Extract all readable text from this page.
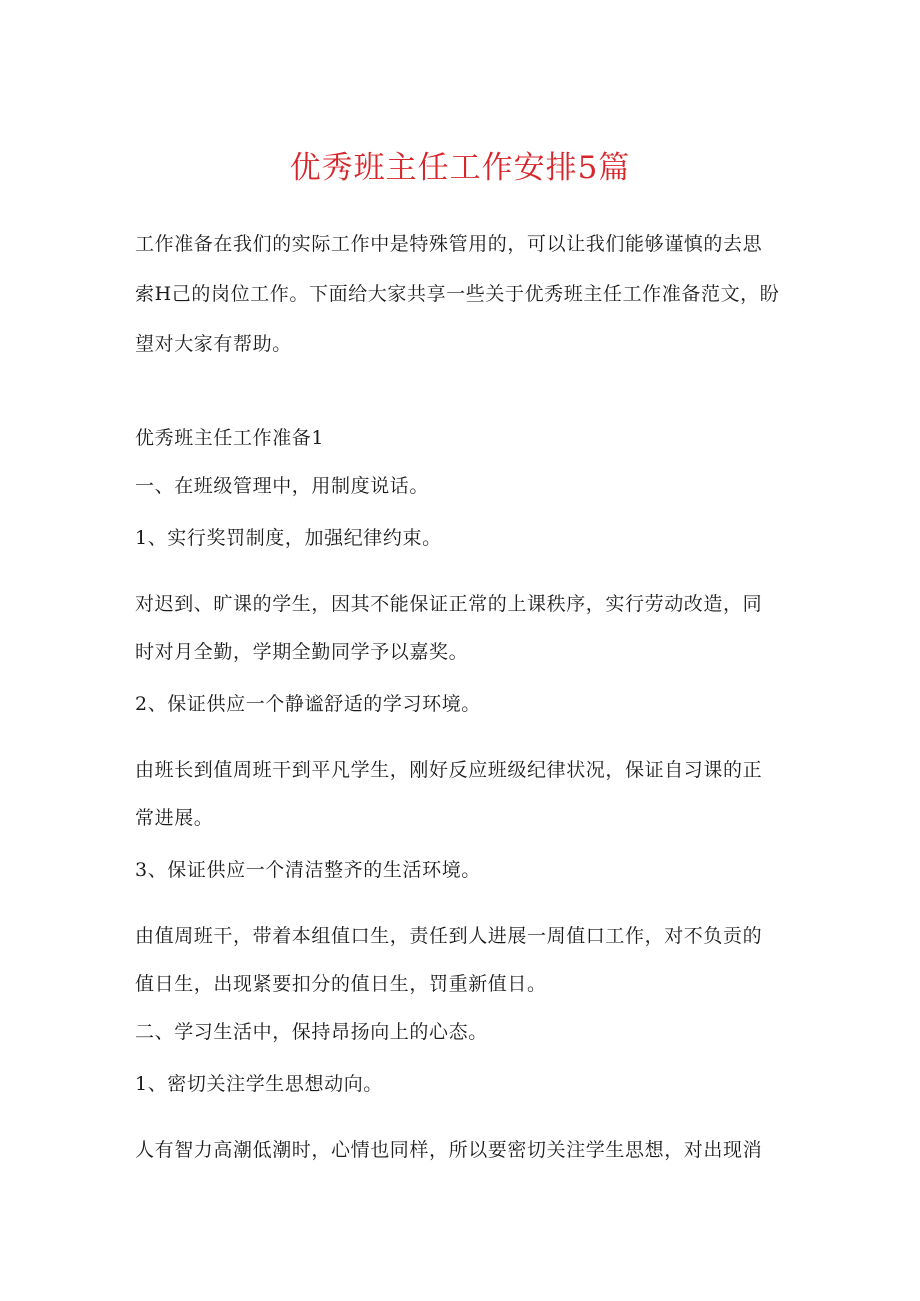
优秀班主任工作安排5篇
工作准备在我们的实际工作中是特殊管用的，可以让我们能够谨慎的去思
索H己的岗位工作。下面给大家共享一些关于优秀班主任工作准备范文，盼
望对大家有帮助。
优秀班主任工作准备1
一、在班级管理中，用制度说话。
1、实行奖罚制度，加强纪律约束。
对迟到、旷课的学生，因其不能保证正常的上课秩序，实行劳动改造，同
时对月全勤，学期全勤同学予以嘉奖。
2、保证供应一个静谧舒适的学习环境。
由班长到值周班干到平凡学生，刚好反应班级纪律状况，保证自习课的正
常进展。
3、保证供应一个清洁整齐的生活环境。
由值周班干，带着本组值口生，责任到人进展一周值口工作，对不负贡的
值日生，出现紧要扣分的值日生，罚重新值日。
二、学习生活中，保持昂扬向上的心态。
1、密切关注学生思想动向。
人有智力高潮低潮时，心情也同样，所以要密切关注学生思想，对出现消
